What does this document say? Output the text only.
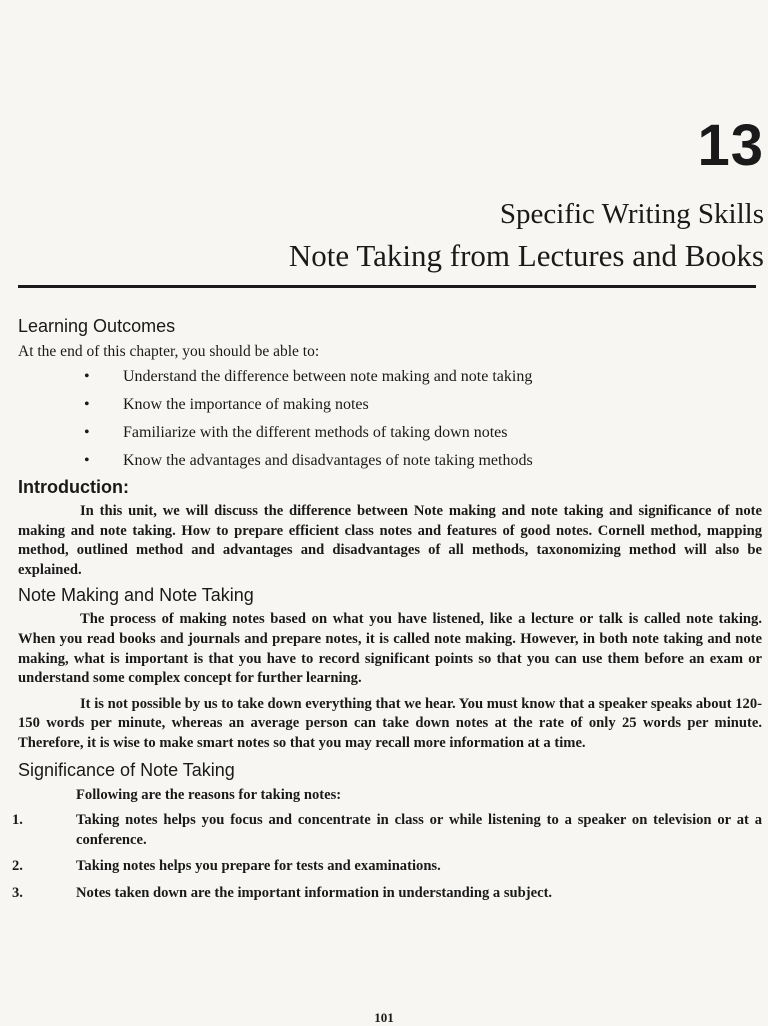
13
Specific Writing Skills
Note Taking from Lectures and Books
Learning Outcomes
At the end of this chapter, you should be able to:
• Understand the difference between note making and note taking
• Know the importance of making notes
• Familiarize with the different methods of taking down notes
• Know the advantages and disadvantages of note taking methods
Introduction:

In this unit, we will discuss the difference between Note making and note taking and significance of note making and note taking. How to prepare efficient class notes and features of good notes. Cornell method, mapping method, outlined method and advantages and disadvantages of all methods, taxonomizing method will also be explained.

Note Making and Note Taking

The process of making notes based on what you have listened, like a lecture or talk is called note taking. When you read books and journals and prepare notes, it is called note making. However, in both note taking and note making, what is important is that you have to record significant points so that you can use them before an exam or understand some complex concept for further learning.

It is not possible by us to take down everything that we hear. You must know that a speaker speaks about 120-150 words per minute, whereas an average person can take down notes at the rate of only 25 words per minute. Therefore, it is wise to make smart notes so that you may recall more information at a time.

Significance of Note Taking

Following are the reasons for taking notes:

1.	Taking notes helps you focus and concentrate in class or while listening to a speaker on television or at a conference.
2.	Taking notes helps you prepare for tests and examinations.
3.	Notes taken down are the important information in understanding a subject.
101
